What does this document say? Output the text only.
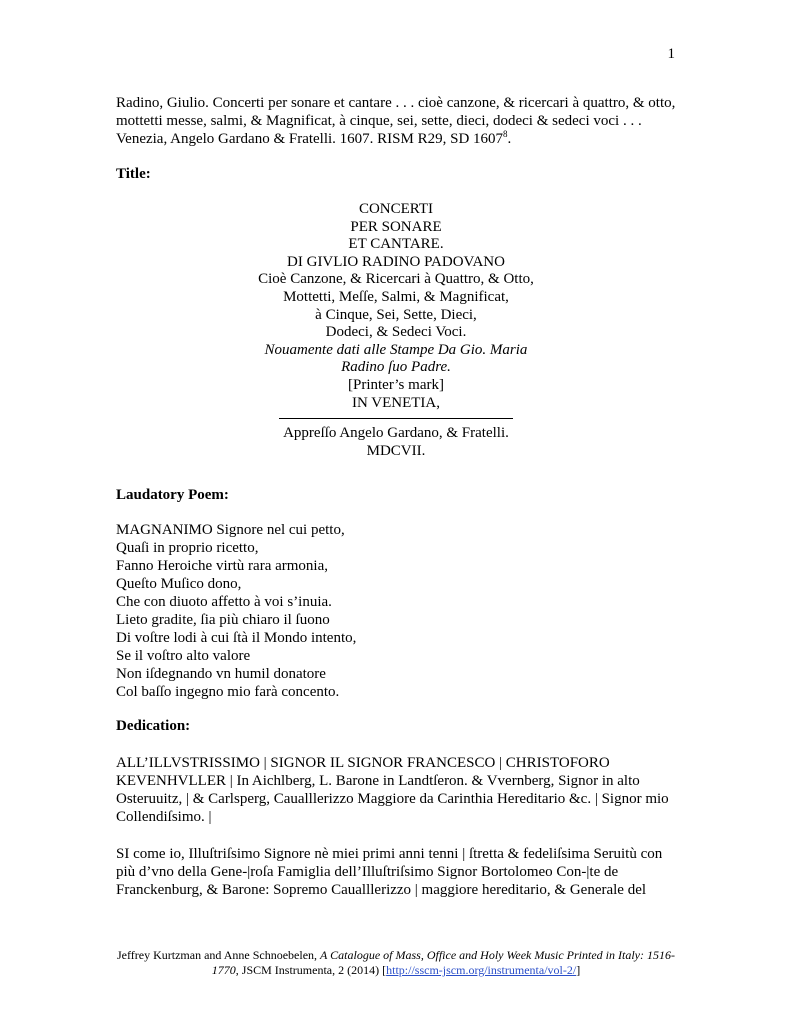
1
Radino, Giulio. Concerti per sonare et cantare . . . cioè canzone, & ricercari à quattro, & otto, mottetti messe, salmi, & Magnificat, à cinque, sei, sette, dieci, dodeci & sedeci voci . . . Venezia, Angelo Gardano & Fratelli. 1607. RISM R29, SD 1607$^8$.
Title:
CONCERTI
PER SONARE
ET CANTARE.
DI GIVLIO RADINO PADOVANO
Cioè Canzone, & Ricercari à Quattro, & Otto,
Mottetti, Meſſe, Salmi, & Magnificat,
à Cinque, Sei, Sette, Dieci,
Dodeci, & Sedeci Voci.
Nouamente dati alle Stampe Da Gio. Maria
Radino ſuo Padre.
[Printer’s mark]
IN VENETIA,
Appreſſo Angelo Gardano, & Fratelli.
MDCVII.
Laudatory Poem:
MAGNANIMO Signore nel cui petto,
Quaſi in proprio ricetto,
Fanno Heroiche virtù rara armonia,
Queſto Muſico dono,
Che con diuoto affetto à voi s’inuia.
Lieto gradite, ſia più chiaro il ſuono
Di voſtre lodi à cui ſtà il Mondo intento,
Se il voſtro alto valore
Non iſdegnando vn humil donatore
Col baſſo ingegno mio farà concento.
Dedication:
ALL’ILLVSTRISSIMO | SIGNOR IL SIGNOR FRANCESCO | CHRISTOFORO KEVENHVLLER | In Aichlberg, L. Barone in Landtſeron. & Vvernberg, Signor in alto Osteruuitz, | & Carlsperg, Caualllerizzo Maggiore da Carinthia Hereditario &c. | Signor mio Collendiſsimo. |
SI come io, Illuſtriſsimo Signore nè miei primi anni tenni | ſtretta & fedeliſsima Seruitù con più d’vno della Gene-|roſa Famiglia dell’Illuſtriſsimo Signor Bortolomeo Con-|te de Franckenburg, & Barone: Sopremo Caualllerizzo | maggiore hereditario, & Generale del
Jeffrey Kurtzman and Anne Schnoebelen, A Catalogue of Mass, Office and Holy Week Music Printed in Italy: 1516-1770, JSCM Instrumenta, 2 (2014) [http://sscm-jscm.org/instrumenta/vol-2/]
